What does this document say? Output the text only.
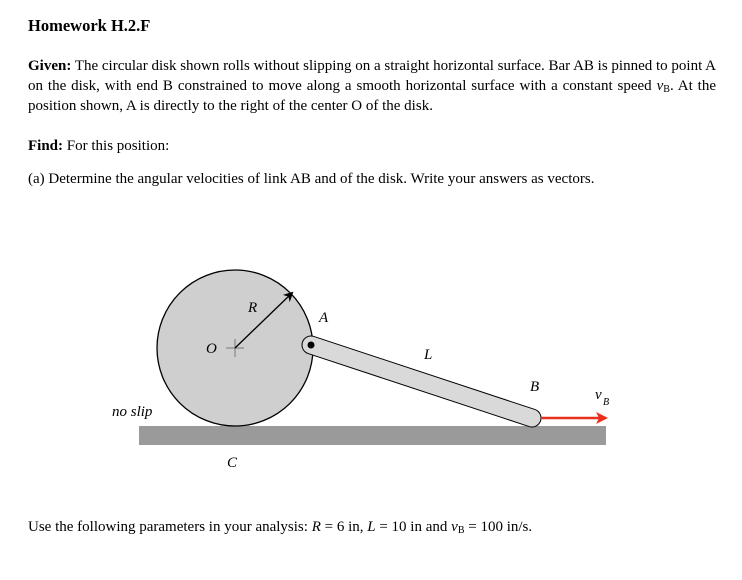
Homework H.2.F
Given: The circular disk shown rolls without slipping on a straight horizontal surface. Bar AB is pinned to point A on the disk, with end B constrained to move along a smooth horizontal surface with a constant speed $v_B$. At the position shown, A is directly to the right of the center O of the disk.
Find: For this position:
(a) Determine the angular velocities of link AB and of the disk. Write your answers as vectors.
R
A
O	L
B	v B
C
no slip
Use the following parameters in your analysis: R = 6 in, L = 10 in and $v_B = 100$ in/s.
